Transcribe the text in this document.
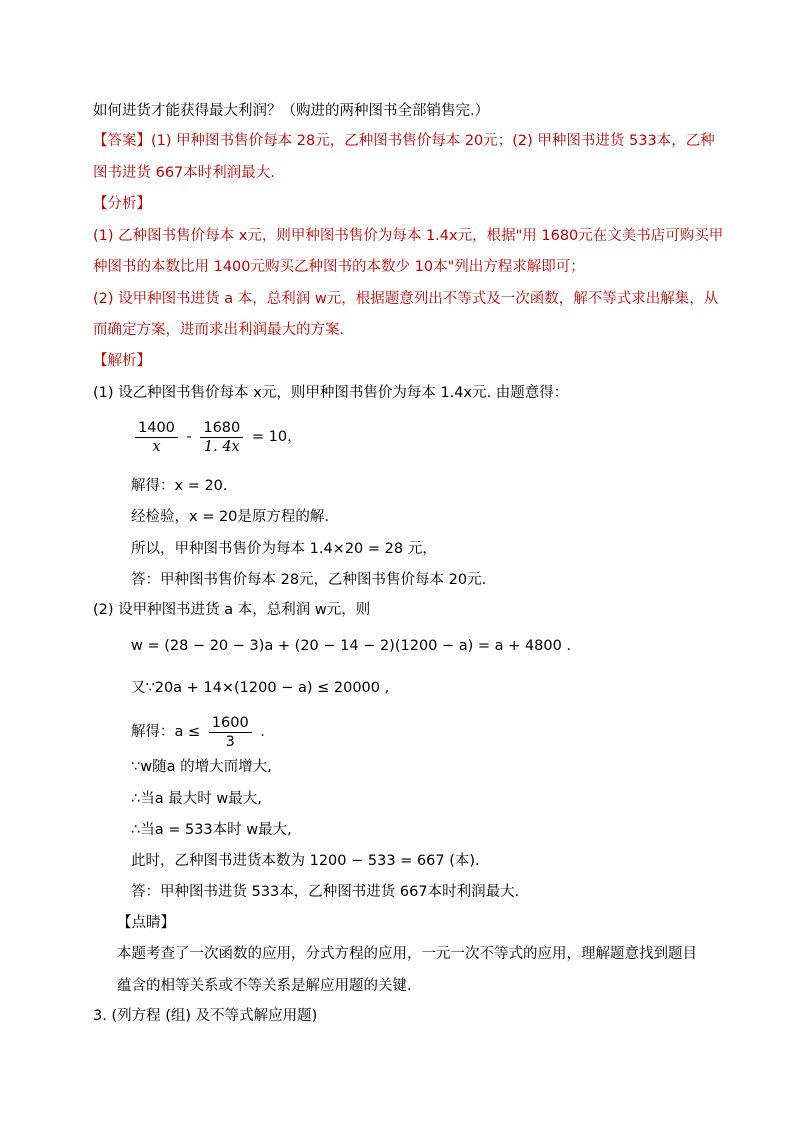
如何进货才能获得最大利润？（购进的两种图书全部销售完.）
【答案】(1) 甲种图书售价每本 28元，乙种图书售价每本 20元；(2) 甲种图书进货 533本，乙种
图书进货 667本时利润最大.
【分析】
(1) 乙种图书售价每本 x元，则甲种图书售价为每本 1.4x元，根据"用 1680元在文美书店可购买甲
种图书的本数比用 1400元购买乙种图书的本数少 10本"列出方程求解即可；
(2) 设甲种图书进货 a 本，总利润 w元，根据题意列出不等式及一次函数，解不等式求出解集，从
而确定方案，进而求出利润最大的方案.
【解析】
(1) 设乙种图书售价每本 x元，则甲种图书售价为每本 1.4x元. 由题意得：
$\frac{1400}{x} - \frac{1680}{1. 4x} = 10$，
解得：x = 20.
经检验，x = 20是原方程的解.
所以，甲种图书售价为每本 1.4×20 = 28 元，
答：甲种图书售价每本 28元，乙种图书售价每本 20元.
(2) 设甲种图书进货 a 本，总利润 w元，则
w = (28 − 20 − 3)a + (20 − 14 − 2)(1200 − a) = a + 4800 .
又∵20a + 14×(1200 − a) ≤ 20000 ,
解得：$a \le \frac{1600}{3}$ .
∵w随a 的增大而增大,
∴当a 最大时 w最大,
∴当a = 533本时 w最大,
此时，乙种图书进货本数为 1200 − 533 = 667 (本).
答：甲种图书进货 533本，乙种图书进货 667本时利润最大.
【点睛】
本题考查了一次函数的应用，分式方程的应用，一元一次不等式的应用，理解题意找到题目
蕴含的相等关系或不等关系是解应用题的关键.
3. (列方程 (组) 及不等式解应用题)
